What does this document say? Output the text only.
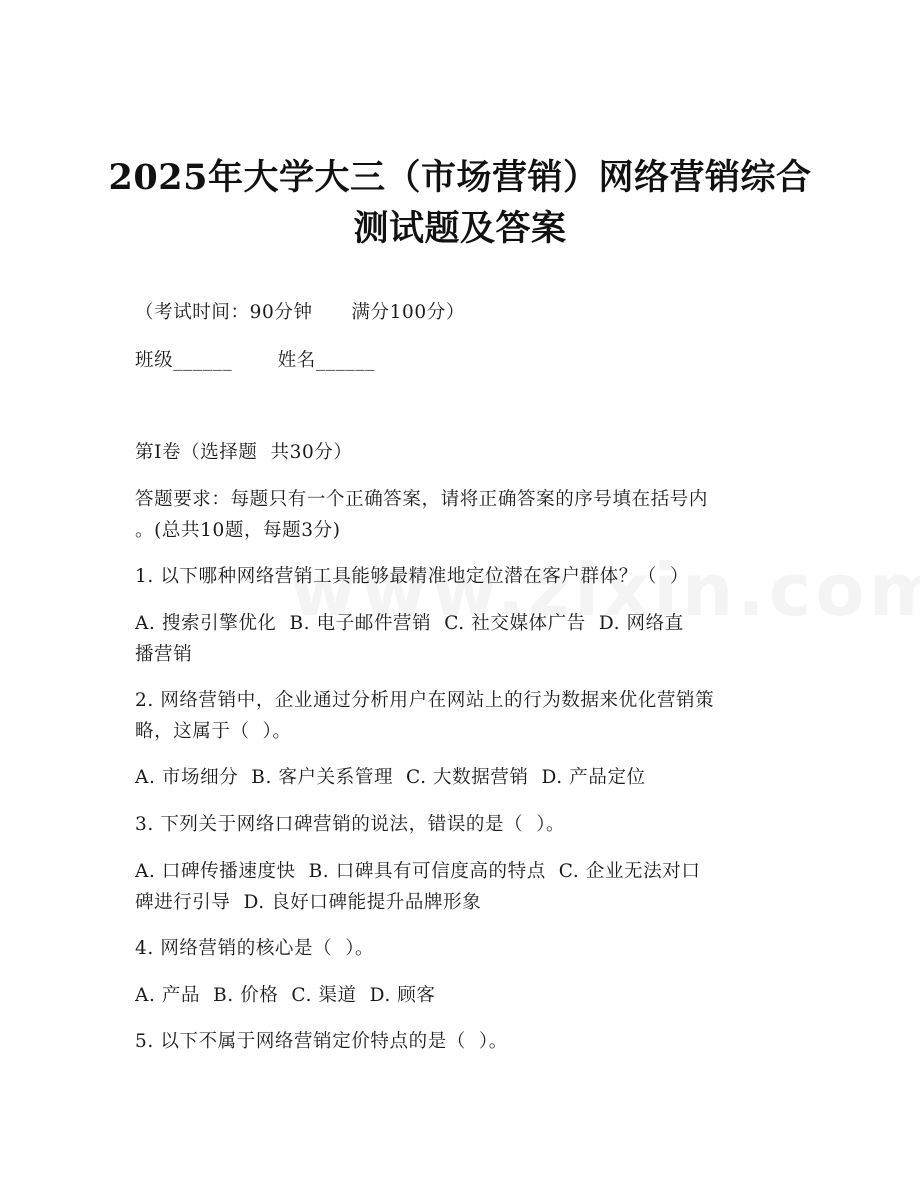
2025年大学大三（市场营销）网络营销综合
测试题及答案
（考试时间：90分钟      满分100分）
班级______       姓名______
第I卷（选择题  共30分）
答题要求：每题只有一个正确答案，请将正确答案的序号填在括号内
。(总共10题，每题3分)
1. 以下哪种网络营销工具能够最精准地定位潜在客户群体？（  ）
A. 搜索引擎优化  B. 电子邮件营销  C. 社交媒体广告  D. 网络直
播营销
2. 网络营销中，企业通过分析用户在网站上的行为数据来优化营销策
略，这属于（  ）。
A. 市场细分  B. 客户关系管理  C. 大数据营销  D. 产品定位
3. 下列关于网络口碑营销的说法，错误的是（  ）。
A. 口碑传播速度快  B. 口碑具有可信度高的特点  C. 企业无法对口
碑进行引导  D. 良好口碑能提升品牌形象
4. 网络营销的核心是（  ）。
A. 产品  B. 价格  C. 渠道  D. 顾客
5. 以下不属于网络营销定价特点的是（  ）。
